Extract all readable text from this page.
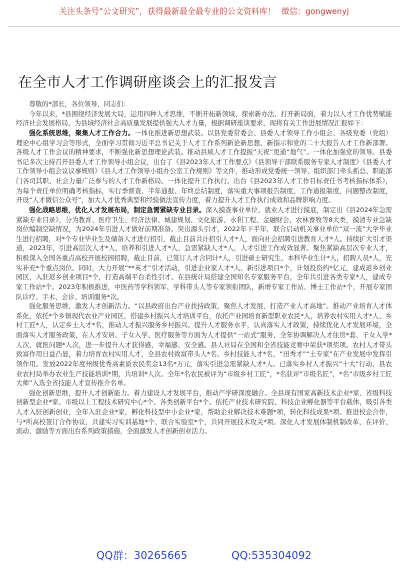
关注头条号“公文研究”，获得最新最全最专业的公文资料库！ 微信：gongwenyj
在全市人才工作调研座谈会上的汇报发言

尊敬的*部长，各位领导、同志们：

今年以来，*县围绕经济发展大局，运用四种人才思维，不断开拓新领域、探索新办法、打开新局面，着力以人才工作优势赋能经济社会发展格局，为县域经济社会高质量发展提供强大人才力量，根据调研座谈要求，现将有关工作进展情况汇报如下：

强化系统思维，聚集人才工作合力。一体化推进新思想武装。以县党委常委会、县委人才领导工作小组会、各级党委（党组）理论中心组学习会等形式，全面学习贯彻习近平总书记关于人才工作系列新论新思想、新指示和党的二十大报告人才工作新部署。各级人才工作会议的精神要求，不断强化新思想理论武装。推动县域人才工作提振“天祝”更通“地气”。一体化加强党的领导。县委书记多次主持召开县委人才工作领导小组会议，出台了《县2023年人才工作要点》《县领导干部联系服务专家人才制度》《县委人才工作领导小组会议议事规则》《县人才工作领导小组办公室工作规则》等文件，推动形成党委统一领导、组织部门牵头抓总、职能部门各司其职、社会力量广泛参与的人才工作新格局。一体化提升工作执行。出台《县2023年人才工作目标责任书考核指标体系》，为每个责任单位明确考核指标，实行季督查、半年通报、年终总结制度，落实重大事项报告制度，工作通报制度、问题整改制度，开设“人才微信公众号”，加大人才优秀典型和经验做法宣传力度，着力提升人才工作执行成效和品牌影响力度。

强化战略思维，优化人才发展布局，制定急需紧缺专业目录。深入摸查事业单位、就业人才进行摸底，制定出《县2024年急需紧缺专业目录》，分为教育、医疗卫生、经济法律、城建规划、文化旅游、水利工程、金融财会、农林畜牧等8大类，摸清专业急缺岗位编制空缺情况，为2024年引进人才做好前期准备。突出源头引才，2022年下半年，联合启动机关事业单位“双一流”大学毕业生进行招聘，对*个专业毕业生及储备人才进行招引，截止目前共计招引人才*人，面向社会招聘引进教育人才*人。持续扩大引才渠道，2023年，引进高层次人才*人，培养和引进人才*人、急需紧缺人才*人，人才引进工作成效显著。聚焦紧缺高层次专业人才，积极深入全国各重点高校开展校园招聘，截止目前，已签订人才合同计*人，引进硕士研究生、本科毕业生计*人，招聘人员*人，充实补充*个重点岗位。同时，大力开展“**英才”引才活动，引进企业家人才*人、新引进项目*个，计划投资约*亿元，建成返乡创业园区，入驻返乡创业项目*个，打造高端平台柔性引才。在县统计局搭建全国知名专家服务平台，全年共引进各类专家*人，建成专家工作站*个。2023年积极推进，中医药等学科领军、学科带头人等专家领衔团队，新增专家工作站、博士工作站*个，开展专家团队诊疗、手术、会诊、培训服务*次。

强化服务思维，激发人才创新活力。“以县政府出台产业扶持政策，聚焦人才发展，打造产业人才高地”。推动产业培育人才体系化，依托*个乡镇现代农业产业园区，搭建乡村振兴人才培训平台，依托产业园培育新型职业农民*人，培养农村实用人才*人、乡村工匠*人，认定乡土人才*名，推动人才振兴服务乡村振兴。提升人才服务水平，认真落实人才政策，持续优化人才发展环境，全面落实人才服务政策，在人才安居、子女入学、医疗服务等方面为人才提供“一站式”服务，全年协调解决人才住房*套、子女入学*人次、就医问题*人次，进一步提升人才获得感、幸福感、安全感。县人社局在全国和全省技能竞赛中荣获*项奖项。农村人才带头致富作用日益凸显，着力培育农村实用人才，全县农村致富带头人*名、乡村技能人才*名，“田秀才”“土专家”在产业发展中发挥引领作用。发放2022年度州级优秀高素质农民奖金13名*万元，落实引进急需紧缺人才*人。已落实乡村人才振兴“十大”行动、县农业农村局举办农业生产技能培训*期，共培训*人次。全年*名农民被评为“市级乡村工匠”，*名获评“市级名匠”，*名“市级乡村工匠大师”入选全省技能人才宣传推介名单。

强化创新思维，提升人才创新能力。着力建设人才发展平台，推动产学研深度融合。全县现有国家高新技术企业*家、省级科技创新型企业*家、市级以上工程技术研究中心*个、各类创新平台*个。依托产业技术研究院、科技企业孵化器等平台载体，吸引各类人才入驻创新创业，全年入驻企业*家，孵化科技型中小企业*家，帮助企业解决技术难题*项，转化科技成果*项。推进校企合作，与*所高校签订合作协议，共建实习实训基地*个、联合实验室*个，共同开展技术攻关*项。深化人才发展体制机制改革，在评价、流动、激励等方面出台系列政策措施，全面激发人才创新创业活力。

QQ群：30265665	QQ:535304092
